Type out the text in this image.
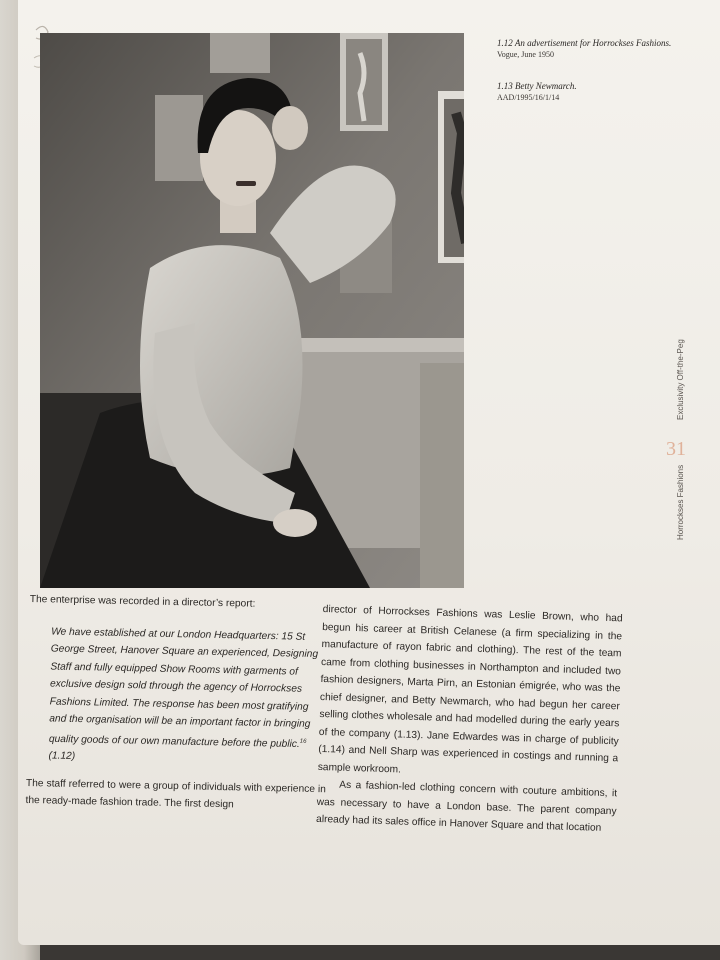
1.12 An advertisement for Horrockses Fashions.
Vogue, June 1950
1.13 Betty Newmarch.
AAD/1995/16/1/14
Exclusivity Off-the-Peg
31
Horrockses Fashions

The enterprise was recorded in a director’s report:

We have established at our London Headquarters: 15 St George Street, Hanover Square an experienced, Designing Staff and fully equipped Show Rooms with garments of exclusive design sold through the agency of Horrockses Fashions Limited. The response has been most gratifying and the organisation will be an important factor in bringing quality goods of our own manufacture before the public.$^{16}$ (1.12)

The staff referred to were a group of individuals with experience in the ready-made fashion trade. The first design

director of Horrockses Fashions was Leslie Brown, who had begun his career at British Celanese (a firm specializing in the manufacture of rayon fabric and clothing). The rest of the team came from clothing businesses in Northampton and included two fashion designers, Marta Pirn, an Estonian émigrée, who was the chief designer, and Betty Newmarch, who had begun her career selling clothes wholesale and had modelled during the early years of the company (1.13). Jane Edwardes was in charge of publicity (1.14) and Nell Sharp was experienced in costings and running a sample workroom.

As a fashion-led clothing concern with couture ambitions, it was necessary to have a London base. The parent company already had its sales office in Hanover Square and that location
